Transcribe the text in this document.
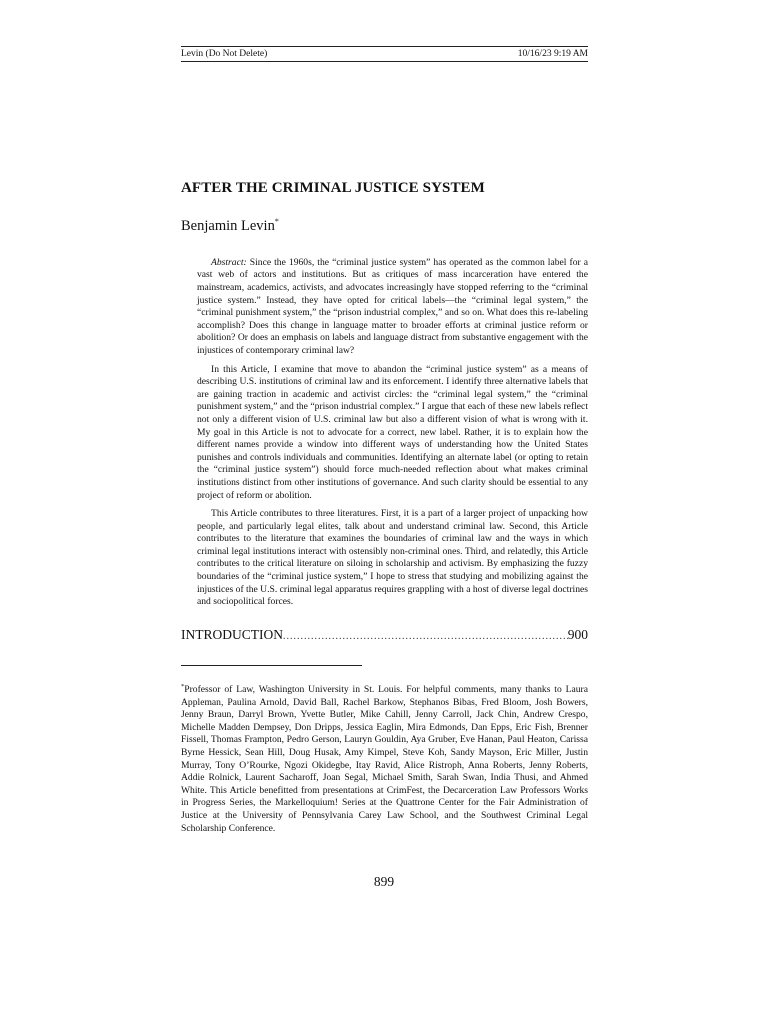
Levin (Do Not Delete)	10/16/23 9:19 AM
AFTER THE CRIMINAL JUSTICE SYSTEM
Benjamin Levin*

Abstract: Since the 1960s, the “criminal justice system” has operated as the common label for a vast web of actors and institutions. But as critiques of mass incarceration have entered the mainstream, academics, activists, and advocates increasingly have stopped referring to the “criminal justice system.” Instead, they have opted for critical labels—the “criminal legal system,” the “criminal punishment system,” the “prison industrial complex,” and so on. What does this re-labeling accomplish? Does this change in language matter to broader efforts at criminal justice reform or abolition? Or does an emphasis on labels and language distract from substantive engagement with the injustices of contemporary criminal law?

In this Article, I examine that move to abandon the “criminal justice system” as a means of describing U.S. institutions of criminal law and its enforcement. I identify three alternative labels that are gaining traction in academic and activist circles: the “criminal legal system,” the “criminal punishment system,” and the “prison industrial complex.” I argue that each of these new labels reflect not only a different vision of U.S. criminal law but also a different vision of what is wrong with it. My goal in this Article is not to advocate for a correct, new label. Rather, it is to explain how the different names provide a window into different ways of understanding how the United States punishes and controls individuals and communities. Identifying an alternate label (or opting to retain the “criminal justice system”) should force much-needed reflection about what makes criminal institutions distinct from other institutions of governance. And such clarity should be essential to any project of reform or abolition.

This Article contributes to three literatures. First, it is a part of a larger project of unpacking how people, and particularly legal elites, talk about and understand criminal law. Second, this Article contributes to the literature that examines the boundaries of criminal law and the ways in which criminal legal institutions interact with ostensibly non-criminal ones. Third, and relatedly, this Article contributes to the critical literature on siloing in scholarship and activism. By emphasizing the fuzzy boundaries of the “criminal justice system,” I hope to stress that studying and mobilizing against the injustices of the U.S. criminal legal apparatus requires grappling with a host of diverse legal doctrines and sociopolitical forces.

INTRODUCTION
.....	900
*Professor of Law, Washington University in St. Louis. For helpful comments, many thanks to Laura Appleman, Paulina Arnold, David Ball, Rachel Barkow, Stephanos Bibas, Fred Bloom, Josh Bowers, Jenny Braun, Darryl Brown, Yvette Butler, Mike Cahill, Jenny Carroll, Jack Chin, Andrew Crespo, Michelle Madden Dempsey, Don Dripps, Jessica Eaglin, Mira Edmonds, Dan Epps, Eric Fish, Brenner Fissell, Thomas Frampton, Pedro Gerson, Lauryn Gouldin, Aya Gruber, Eve Hanan, Paul Heaton, Carissa Byrne Hessick, Sean Hill, Doug Husak, Amy Kimpel, Steve Koh, Sandy Mayson, Eric Miller, Justin Murray, Tony O’Rourke, Ngozi Okidegbe, Itay Ravid, Alice Ristroph, Anna Roberts, Jenny Roberts, Addie Rolnick, Laurent Sacharoff, Joan Segal, Michael Smith, Sarah Swan, India Thusi, and Ahmed White. This Article benefitted from presentations at CrimFest, the Decarceration Law Professors Works in Progress Series, the Markelloquium! Series at the Quattrone Center for the Fair Administration of Justice at the University of Pennsylvania Carey Law School, and the Southwest Criminal Legal Scholarship Conference.
899
